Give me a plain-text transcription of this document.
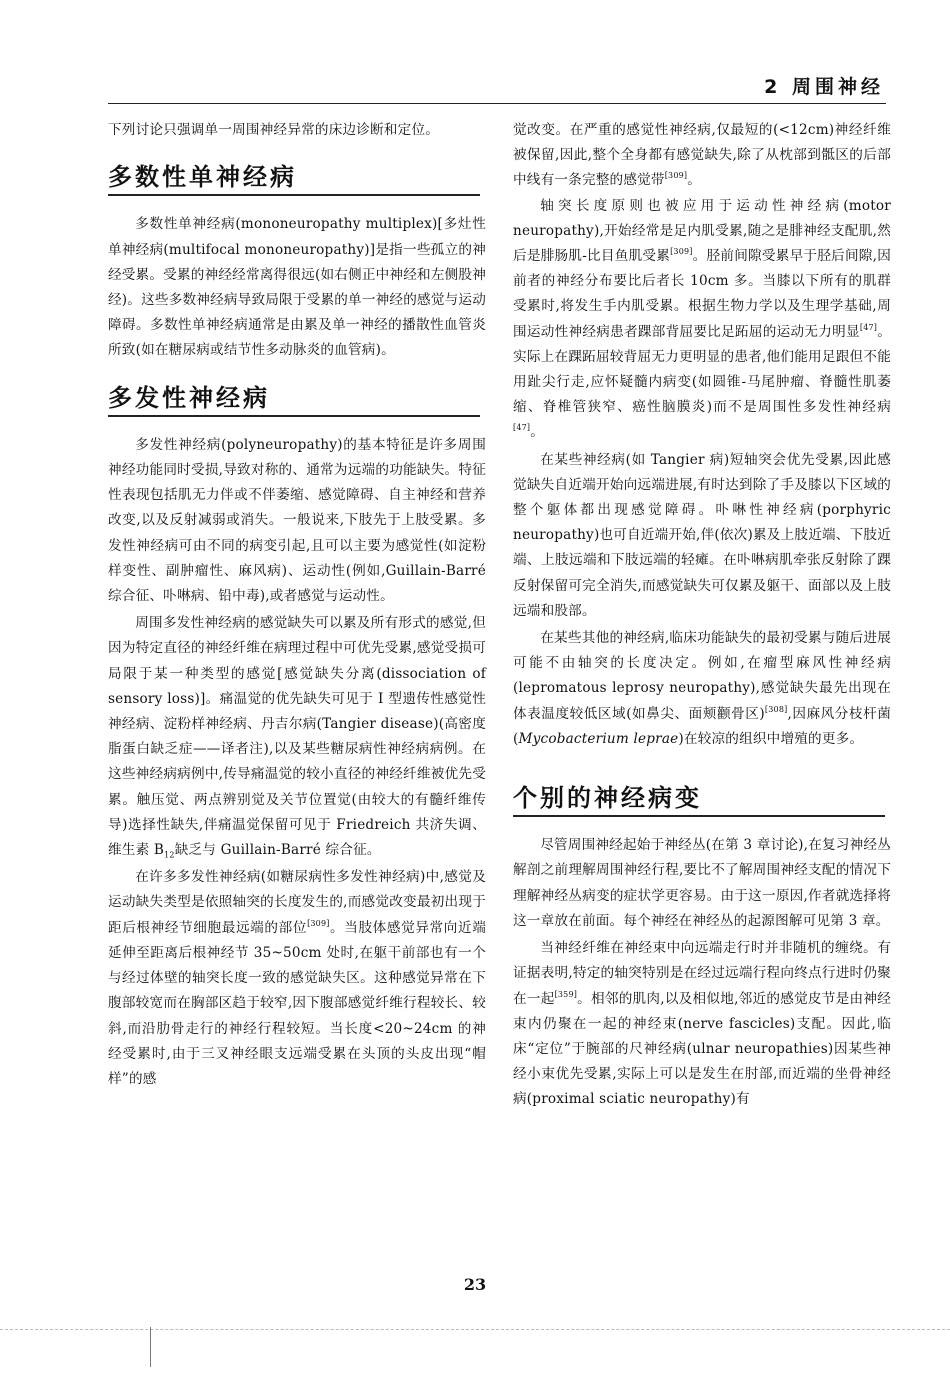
2 周围神经

下列讨论只强调单一周围神经异常的床边诊断和定位。

多数性单神经病

多数性单神经病(mononeuropathy multiplex)[多灶性单神经病(multifocal mononeuropathy)]是指一些孤立的神经受累。受累的神经经常离得很远(如右侧正中神经和左侧股神经)。这些多数神经病导致局限于受累的单一神经的感觉与运动障碍。多数性单神经病通常是由累及单一神经的播散性血管炎所致(如在糖尿病或结节性多动脉炎的血管病)。

多发性神经病

多发性神经病(polyneuropathy)的基本特征是许多周围神经功能同时受损,导致对称的、通常为远端的功能缺失。特征性表现包括肌无力伴或不伴萎缩、感觉障碍、自主神经和营养改变,以及反射减弱或消失。一般说来,下肢先于上肢受累。多发性神经病可由不同的病变引起,且可以主要为感觉性(如淀粉样变性、副肿瘤性、麻风病)、运动性(例如,Guillain-Barré 综合征、卟啉病、铅中毒),或者感觉与运动性。

周围多发性神经病的感觉缺失可以累及所有形式的感觉,但因为特定直径的神经纤维在病理过程中可优先受累,感觉受损可局限于某一种类型的感觉[感觉缺失分离(dissociation of sensory loss)]。痛温觉的优先缺失可见于 Ⅰ 型遗传性感觉性神经病、淀粉样神经病、丹吉尔病(Tangier disease)(高密度脂蛋白缺乏症——译者注),以及某些糖尿病性神经病病例。在这些神经病病例中,传导痛温觉的较小直径的神经纤维被优先受累。触压觉、两点辨别觉及关节位置觉(由较大的有髓纤维传导)选择性缺失,伴痛温觉保留可见于 Friedreich 共济失调、维生素 $B_{12}$缺乏与 Guillain-Barré 综合征。

在许多多发性神经病(如糖尿病性多发性神经病)中,感觉及运动缺失类型是依照轴突的长度发生的,而感觉改变最初出现于距后根神经节细胞最远端的部位[309]。当肢体感觉异常向近端延伸至距离后根神经节 35~50cm 处时,在躯干前部也有一个与经过体壁的轴突长度一致的感觉缺失区。这种感觉异常在下腹部较宽而在胸部区趋于较窄,因下腹部感觉纤维行程较长、较斜,而沿肋骨走行的神经行程较短。当长度<20~24cm 的神经受累时,由于三叉神经眼支远端受累在头顶的头皮出现“帽样”的感

觉改变。在严重的感觉性神经病,仅最短的(<12cm)神经纤维被保留,因此,整个全身都有感觉缺失,除了从枕部到骶区的后部中线有一条完整的感觉带[309]。

轴突长度原则也被应用于运动性神经病(motor neuropathy),开始经常是足内肌受累,随之是腓神经支配肌,然后是腓肠肌-比目鱼肌受累[309]。胫前间隙受累早于胫后间隙,因前者的神经分布要比后者长 10cm 多。当膝以下所有的肌群受累时,将发生手内肌受累。根据生物力学以及生理学基础,周围运动性神经病患者踝部背屈要比足跖屈的运动无力明显[47]。实际上在踝跖屈较背屈无力更明显的患者,他们能用足跟但不能用趾尖行走,应怀疑髓内病变(如圆锥-马尾肿瘤、脊髓性肌萎缩、脊椎管狭窄、癌性脑膜炎)而不是周围性多发性神经病[47]。

在某些神经病(如 Tangier 病)短轴突会优先受累,因此感觉缺失自近端开始向远端进展,有时达到除了手及膝以下区域的整个躯体都出现感觉障碍。卟啉性神经病(porphyric neuropathy)也可自近端开始,伴(依次)累及上肢近端、下肢近端、上肢远端和下肢远端的轻瘫。在卟啉病肌牵张反射除了踝反射保留可完全消失,而感觉缺失可仅累及躯干、面部以及上肢远端和股部。

在某些其他的神经病,临床功能缺失的最初受累与随后进展可能不由轴突的长度决定。例如,在瘤型麻风性神经病(lepromatous leprosy neuropathy),感觉缺失最先出现在体表温度较低区域(如鼻尖、面颊颧骨区)[308],因麻风分枝杆菌(Mycobacterium leprae)在较凉的组织中增殖的更多。

个别的神经病变

尽管周围神经起始于神经丛(在第 3 章讨论),在复习神经丛解剖之前理解周围神经行程,要比不了解周围神经支配的情况下理解神经丛病变的症状学更容易。由于这一原因,作者就选择将这一章放在前面。每个神经在神经丛的起源图解可见第 3 章。

当神经纤维在神经束中向远端走行时并非随机的缠绕。有证据表明,特定的轴突特别是在经过远端行程向终点行进时仍聚在一起[359]。相邻的肌肉,以及相似地,邻近的感觉皮节是由神经束内仍聚在一起的神经束(nerve fascicles)支配。因此,临床“定位”于腕部的尺神经病(ulnar neuropathies)因某些神经小束优先受累,实际上可以是发生在肘部,而近端的坐骨神经病(proximal sciatic neuropathy)有

23
